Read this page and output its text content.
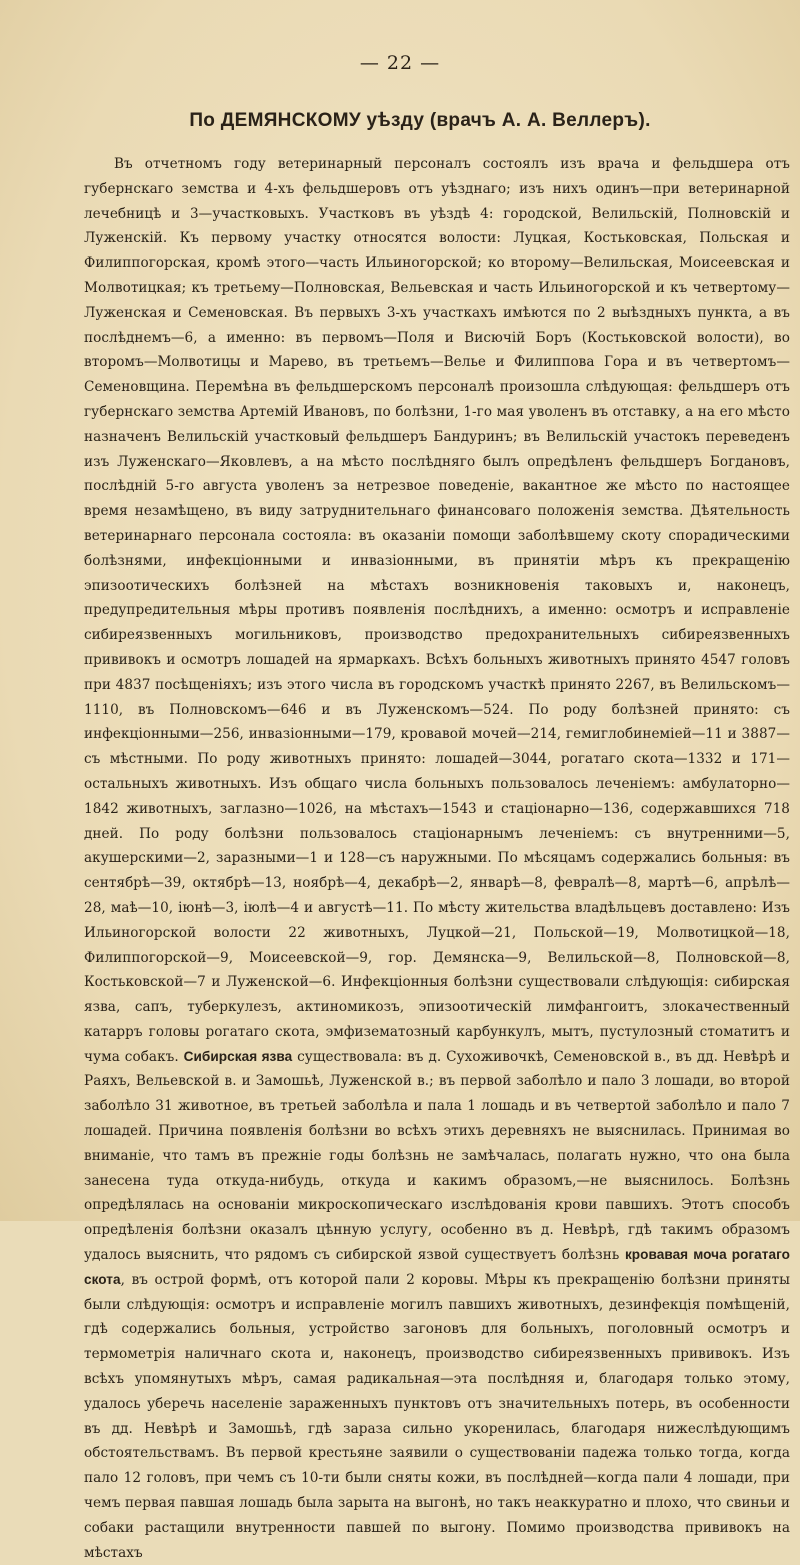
— 22 —
По ДЕМЯНСКОМУ уѣзду (врачъ А. А. Веллеръ).

Въ отчетномъ году ветеринарный персоналъ состоялъ изъ врача и фельдшера отъ губернскаго земства и 4-хъ фельдшеровъ отъ уѣзднаго; изъ нихъ одинъ—при ветеринарной лечебницѣ и 3—участковыхъ. Участковъ въ уѣздѣ 4: городской, Велильскій, Полновскій и Луженскій. Къ первому участку относятся волости: Луцкая, Костьковская, Польская и Филиппогорская, кромѣ этого—часть Ильиногорской; ко второму—Велильская, Моисеевская и Молвотицкая; къ третьему—Полновская, Вельевская и часть Ильиногорской и къ четвертому—Луженская и Семеновская. Въ первыхъ 3-хъ участкахъ имѣются по 2 выѣздныхъ пункта, а въ послѣднемъ—6, а именно: въ первомъ—Поля и Висючій Боръ (Костьковской волости), во второмъ—Молвотицы и Марево, въ третьемъ—Велье и Филиппова Гора и въ четвертомъ—Семеновщина. Перемѣна въ фельдшерскомъ персоналѣ произошла слѣдующая: фельдшеръ отъ губернскаго земства Артемій Ивановъ, по болѣзни, 1-го мая уволенъ въ отставку, а на его мѣсто назначенъ Велильскій участковый фельдшеръ Бандуринъ; въ Велильскій участокъ переведенъ изъ Луженскаго—Яковлевъ, а на мѣсто послѣдняго былъ опредѣленъ фельдшеръ Богдановъ, послѣдній 5-го августа уволенъ за нетрезвое поведеніе, вакантное же мѣсто по настоящее время незамѣщено, въ виду затруднительнаго финансоваго положенія земства. Дѣятельность ветеринарнаго персонала состояла: въ оказаніи помощи заболѣвшему скоту спорадическими болѣзнями, инфекціонными и инвазіонными, въ принятіи мѣръ къ прекращенію эпизоотическихъ болѣзней на мѣстахъ возникновенія таковыхъ и, наконецъ, предупредительныя мѣры противъ появленія послѣднихъ, а именно: осмотръ и исправленіе сибиреязвенныхъ могильниковъ, производство предохранительныхъ сибиреязвенныхъ прививокъ и осмотръ лошадей на ярмаркахъ. Всѣхъ больныхъ животныхъ принято 4547 головъ при 4837 посѣщеніяхъ; изъ этого числа въ городскомъ участкѣ принято 2267, въ Велильскомъ—1110, въ Полновскомъ—646 и въ Луженскомъ—524. По роду болѣзней принято: съ инфекціонными—256, инвазіонными—179, кровавой мочей—214, гемиглобинеміей—11 и 3887—съ мѣстными. По роду животныхъ принято: лошадей—3044, рогатаго скота—1332 и 171—остальныхъ животныхъ. Изъ общаго числа больныхъ пользовалось леченіемъ: амбулаторно—1842 животныхъ, заглазно—1026, на мѣстахъ—1543 и стаціонарно—136, содержавшихся 718 дней. По роду болѣзни пользовалось стаціонарнымъ леченіемъ: съ внутренними—5, акушерскими—2, заразными—1 и 128—съ наружными. По мѣсяцамъ содержались больныя: въ сентябрѣ—39, октябрѣ—13, ноябрѣ—4, декабрѣ—2, январѣ—8, февралѣ—8, мартѣ—6, апрѣлѣ—28, маѣ—10, іюнѣ—3, іюлѣ—4 и августѣ—11. По мѣсту жительства владѣльцевъ доставлено: Изъ Ильиногорской волости 22 животныхъ, Луцкой—21, Польской—19, Молвотицкой—18, Филиппогорской—9, Моисеевской—9, гор. Демянска—9, Велильской—8, Полновской—8, Костьковской—7 и Луженской—6. Инфекціонныя болѣзни существовали слѣдующія: сибирская язва, сапъ, туберкулезъ, актиномикозъ, эпизоотическій лимфангоитъ, злокачественный катарръ головы рогатаго скота, эмфизематозный карбункулъ, мытъ, пустулозный стоматитъ и чума собакъ. Сибирская язва существовала: въ д. Сухоживочкѣ, Семеновской в., въ дд. Невѣрѣ и Раяхъ, Вельевской в. и Замошьѣ, Луженской в.; въ первой заболѣло и пало 3 лошади, во второй заболѣло 31 животное, въ третьей заболѣла и пала 1 лошадь и въ четвертой заболѣло и пало 7 лошадей. Причина появленія болѣзни во всѣхъ этихъ деревняхъ не выяснилась. Принимая во вниманіе, что тамъ въ прежніе годы болѣзнь не замѣчалась, полагать нужно, что она была занесена туда откуда-нибудь, откуда и какимъ образомъ,—не выяснилось. Болѣзнь опредѣлялась на основаніи микроскопическаго изслѣдованія крови павшихъ. Этотъ способъ опредѣленія болѣзни оказалъ цѣнную услугу, особенно въ д. Невѣрѣ, гдѣ такимъ образомъ удалось выяснить, что рядомъ съ сибирской язвой существуетъ болѣзнь кровавая моча рогатаго скота, въ острой формѣ, отъ которой пали 2 коровы. Мѣры къ прекращенію болѣзни приняты были слѣдующія: осмотръ и исправленіе могилъ павшихъ животныхъ, дезинфекція помѣщеній, гдѣ содержались больныя, устройство загоновъ для больныхъ, поголовный осмотръ и термометрія наличнаго скота и, наконецъ, производство сибиреязвенныхъ прививокъ. Изъ всѣхъ упомянутыхъ мѣръ, самая радикальная—эта послѣдняя и, благодаря только этому, удалось уберечь населеніе зараженныхъ пунктовъ отъ значительныхъ потерь, въ особенности въ дд. Невѣрѣ и Замошьѣ, гдѣ зараза сильно укоренилась, благодаря нижеслѣдующимъ обстоятельствамъ. Въ первой крестьяне заявили о существованіи падежа только тогда, когда пало 12 головъ, при чемъ съ 10-ти были сняты кожи, въ послѣдней—когда пали 4 лошади, при чемъ первая павшая лошадь была зарыта на выгонѣ, но такъ неаккуратно и плохо, что свиньи и собаки растащили внутренности павшей по выгону. Помимо производства прививокъ на мѣстахъ
